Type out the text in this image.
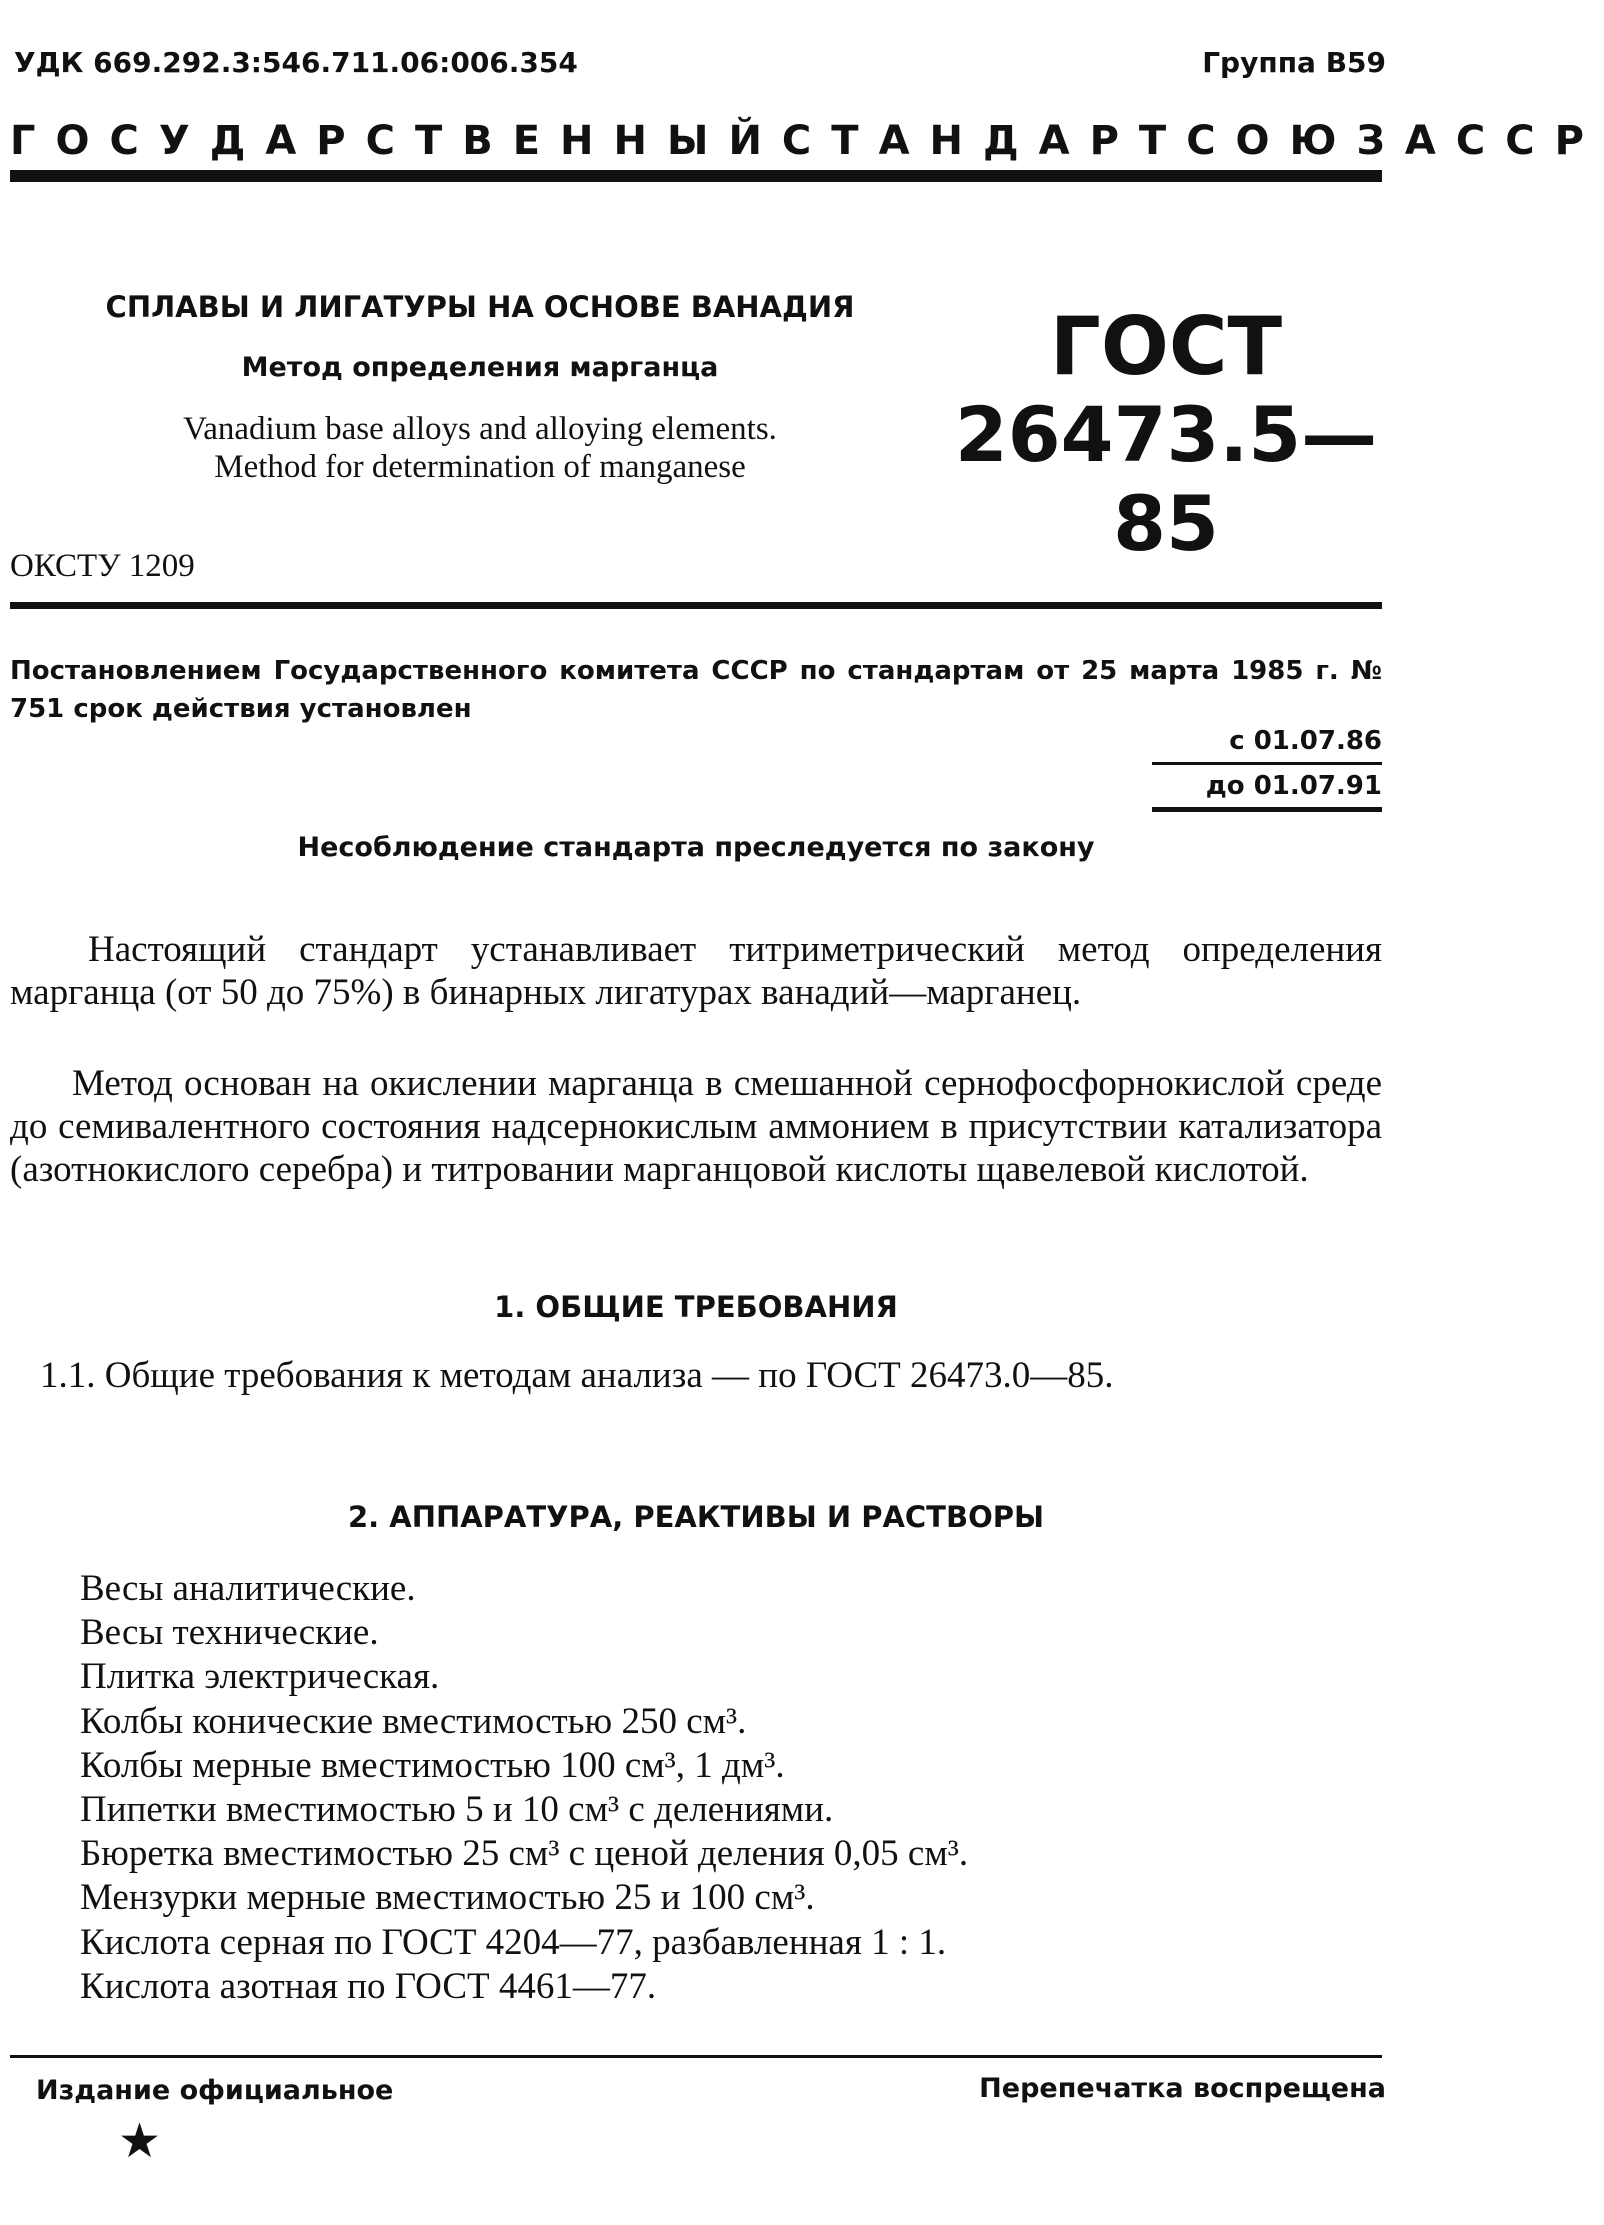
УДК 669.292.3:546.711.06:006.354	Группа В59
ГОСУДАРСТВЕННЫЙ СТАНДАРТ СОЮЗА ССР
СПЛАВЫ И ЛИГАТУРЫ НА ОСНОВЕ ВАНАДИЯ
Метод определения марганца
Vanadium base alloys and alloying elements.
Method for determination of manganese
ГОСТ
26473.5—85
ОКСТУ 1209
Постановлением Государственного комитета СССР по стандартам от 25 марта 1985 г. № 751 срок действия установлен
с 01.07.86
до 01.07.91
Несоблюдение стандарта преследуется по закону
Настоящий стандарт устанавливает титриметрический метод определения марганца (от 50 до 75%) в бинарных лигатурах ванадий—марганец.
Метод основан на окислении марганца в смешанной сернофосфорнокислой среде до семивалентного состояния надсернокислым аммонием в присутствии катализатора (азотнокислого серебра) и титровании марганцовой кислоты щавелевой кислотой.
1. ОБЩИЕ ТРЕБОВАНИЯ
1.1. Общие требования к методам анализа — по ГОСТ 26473.0—85.
2. АППАРАТУРА, РЕАКТИВЫ И РАСТВОРЫ
Весы аналитические.
Весы технические.
Плитка электрическая.
Колбы конические вместимостью 250 см³.
Колбы мерные вместимостью 100 см³, 1 дм³.
Пипетки вместимостью 5 и 10 см³ с делениями.
Бюретка вместимостью 25 см³ с ценой деления 0,05 см³.
Мензурки мерные вместимостью 25 и 100 см³.
Кислота серная по ГОСТ 4204—77, разбавленная 1 : 1.
Кислота азотная по ГОСТ 4461—77.
Издание официальное	Перепечатка воспрещена
★
